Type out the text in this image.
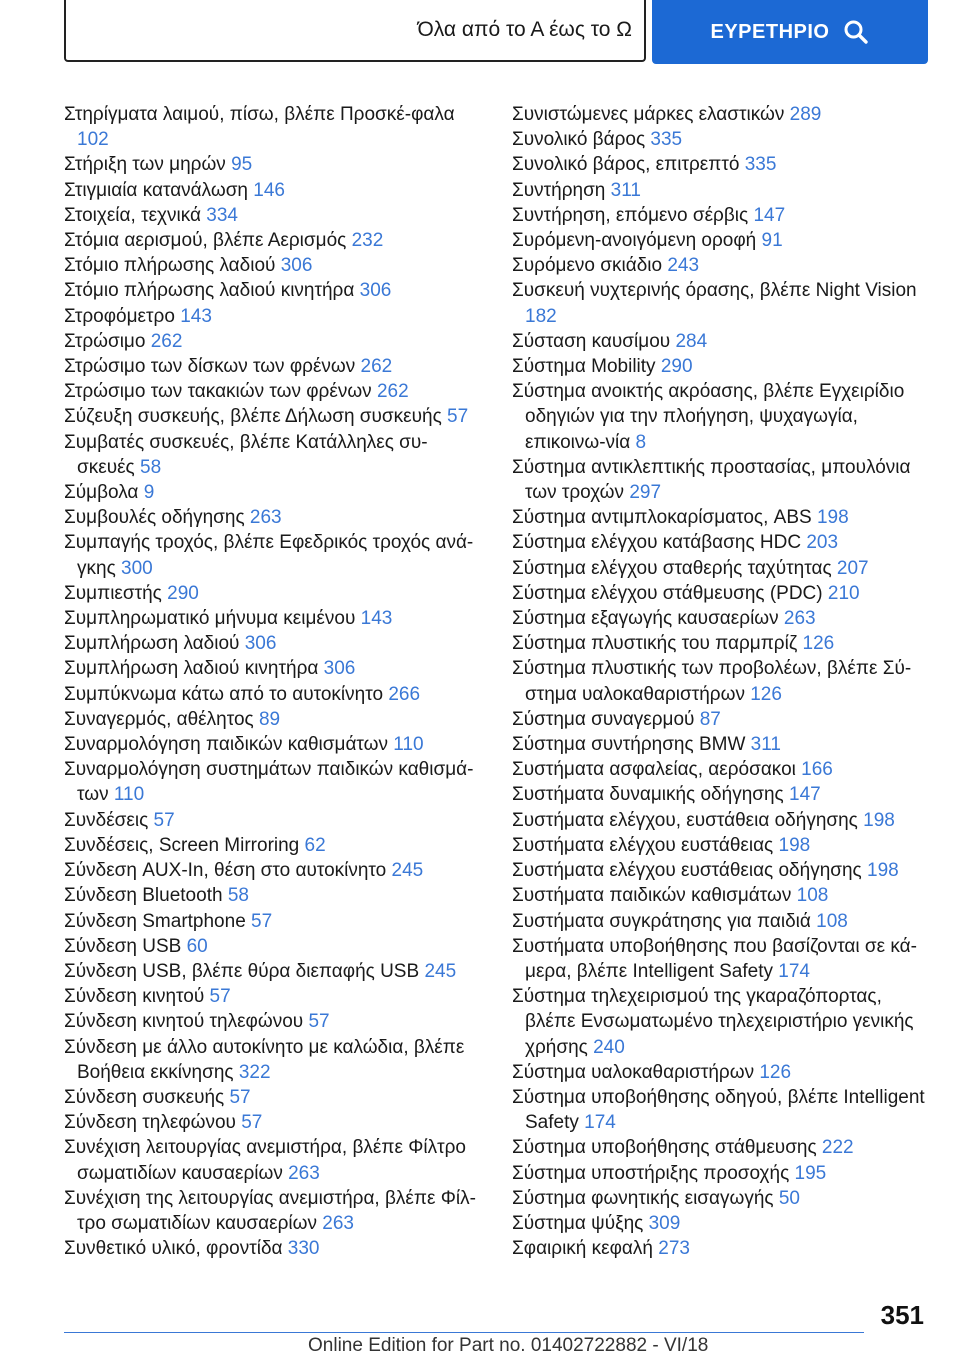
Όλα από το Α έως το Ω	ΕΥΡΕΤΗΡΙΟ
Στηρίγματα λαιμού, πίσω, βλέπε Προσκέ-φαλα 102
Στήριξη των μηρών 95
Στιγμιαία κατανάλωση 146
Στοιχεία, τεχνικά 334
Στόμια αερισμού, βλέπε Αερισμός 232
Στόμιο πλήρωσης λαδιού 306
Στόμιο πλήρωσης λαδιού κινητήρα 306
Στροφόμετρο 143
Στρώσιμο 262
Στρώσιμο των δίσκων των φρένων 262
Στρώσιμο των τακακιών των φρένων 262
Σύζευξη συσκευής, βλέπε Δήλωση συσκευής 57
Συμβατές συσκευές, βλέπε Κατάλληλες συ-σκευές 58
Σύμβολα 9
Συμβουλές οδήγησης 263
Συμπαγής τροχός, βλέπε Εφεδρικός τροχός ανά-γκης 300
Συμπιεστής 290
Συμπληρωματικό μήνυμα κειμένου 143
Συμπλήρωση λαδιού 306
Συμπλήρωση λαδιού κινητήρα 306
Συμπύκνωμα κάτω από το αυτοκίνητο 266
Συναγερμός, αθέλητος 89
Συναρμολόγηση παιδικών καθισμάτων 110
Συναρμολόγηση συστημάτων παιδικών καθισμά-των 110
Συνδέσεις 57
Συνδέσεις, Screen Mirroring 62
Σύνδεση AUX-In, θέση στο αυτοκίνητο 245
Σύνδεση Bluetooth 58
Σύνδεση Smartphone 57
Σύνδεση USB 60
Σύνδεση USB, βλέπε θύρα διεπαφής USB 245
Σύνδεση κινητού 57
Σύνδεση κινητού τηλεφώνου 57
Σύνδεση με άλλο αυτοκίνητο με καλώδια, βλέπε Βοήθεια εκκίνησης 322
Σύνδεση συσκευής 57
Σύνδεση τηλεφώνου 57
Συνέχιση λειτουργίας ανεμιστήρα, βλέπε Φίλτρο σωματιδίων καυσαερίων 263
Συνέχιση της λειτουργίας ανεμιστήρα, βλέπε Φίλ-τρο σωματιδίων καυσαερίων 263
Συνθετικό υλικό, φροντίδα 330
Συνιστώμενες μάρκες ελαστικών 289
Συνολικό βάρος 335
Συνολικό βάρος, επιτρεπτό 335
Συντήρηση 311
Συντήρηση, επόμενο σέρβις 147
Συρόμενη-ανοιγόμενη οροφή 91
Συρόμενο σκιάδιο 243
Συσκευή νυχτερινής όρασης, βλέπε Night Vision 182
Σύσταση καυσίμου 284
Σύστημα Mobility 290
Σύστημα ανοικτής ακρόασης, βλέπε Εγχειρίδιο οδηγιών για την πλοήγηση, ψυχαγωγία, επικοινω-νία 8
Σύστημα αντικλεπτικής προστασίας, μπουλόνια των τροχών 297
Σύστημα αντιμπλοκαρίσματος, ABS 198
Σύστημα ελέγχου κατάβασης HDC 203
Σύστημα ελέγχου σταθερής ταχύτητας 207
Σύστημα ελέγχου στάθμευσης (PDC) 210
Σύστημα εξαγωγής καυσαερίων 263
Σύστημα πλυστικής του παρμπρίζ 126
Σύστημα πλυστικής των προβολέων, βλέπε Σύ-στημα υαλοκαθαριστήρων 126
Σύστημα συναγερμού 87
Σύστημα συντήρησης BMW 311
Συστήματα ασφαλείας, αερόσακοι 166
Συστήματα δυναμικής οδήγησης 147
Συστήματα ελέγχου, ευστάθεια οδήγησης 198
Συστήματα ελέγχου ευστάθειας 198
Συστήματα ελέγχου ευστάθειας οδήγησης 198
Συστήματα παιδικών καθισμάτων 108
Συστήματα συγκράτησης για παιδιά 108
Συστήματα υποβοήθησης που βασίζονται σε κά-μερα, βλέπε Intelligent Safety 174
Σύστημα τηλεχειρισμού της γκαραζόπορτας, βλέπε Ενσωματωμένο τηλεχειριστήριο γενικής χρήσης 240
Σύστημα υαλοκαθαριστήρων 126
Σύστημα υποβοήθησης οδηγού, βλέπε Intelligent Safety 174
Σύστημα υποβοήθησης στάθμευσης 222
Σύστημα υποστήριξης προσοχής 195
Σύστημα φωνητικής εισαγωγής 50
Σύστημα ψύξης 309
Σφαιρική κεφαλή 273
351
Online Edition for Part no. 01402722882 - VI/18
